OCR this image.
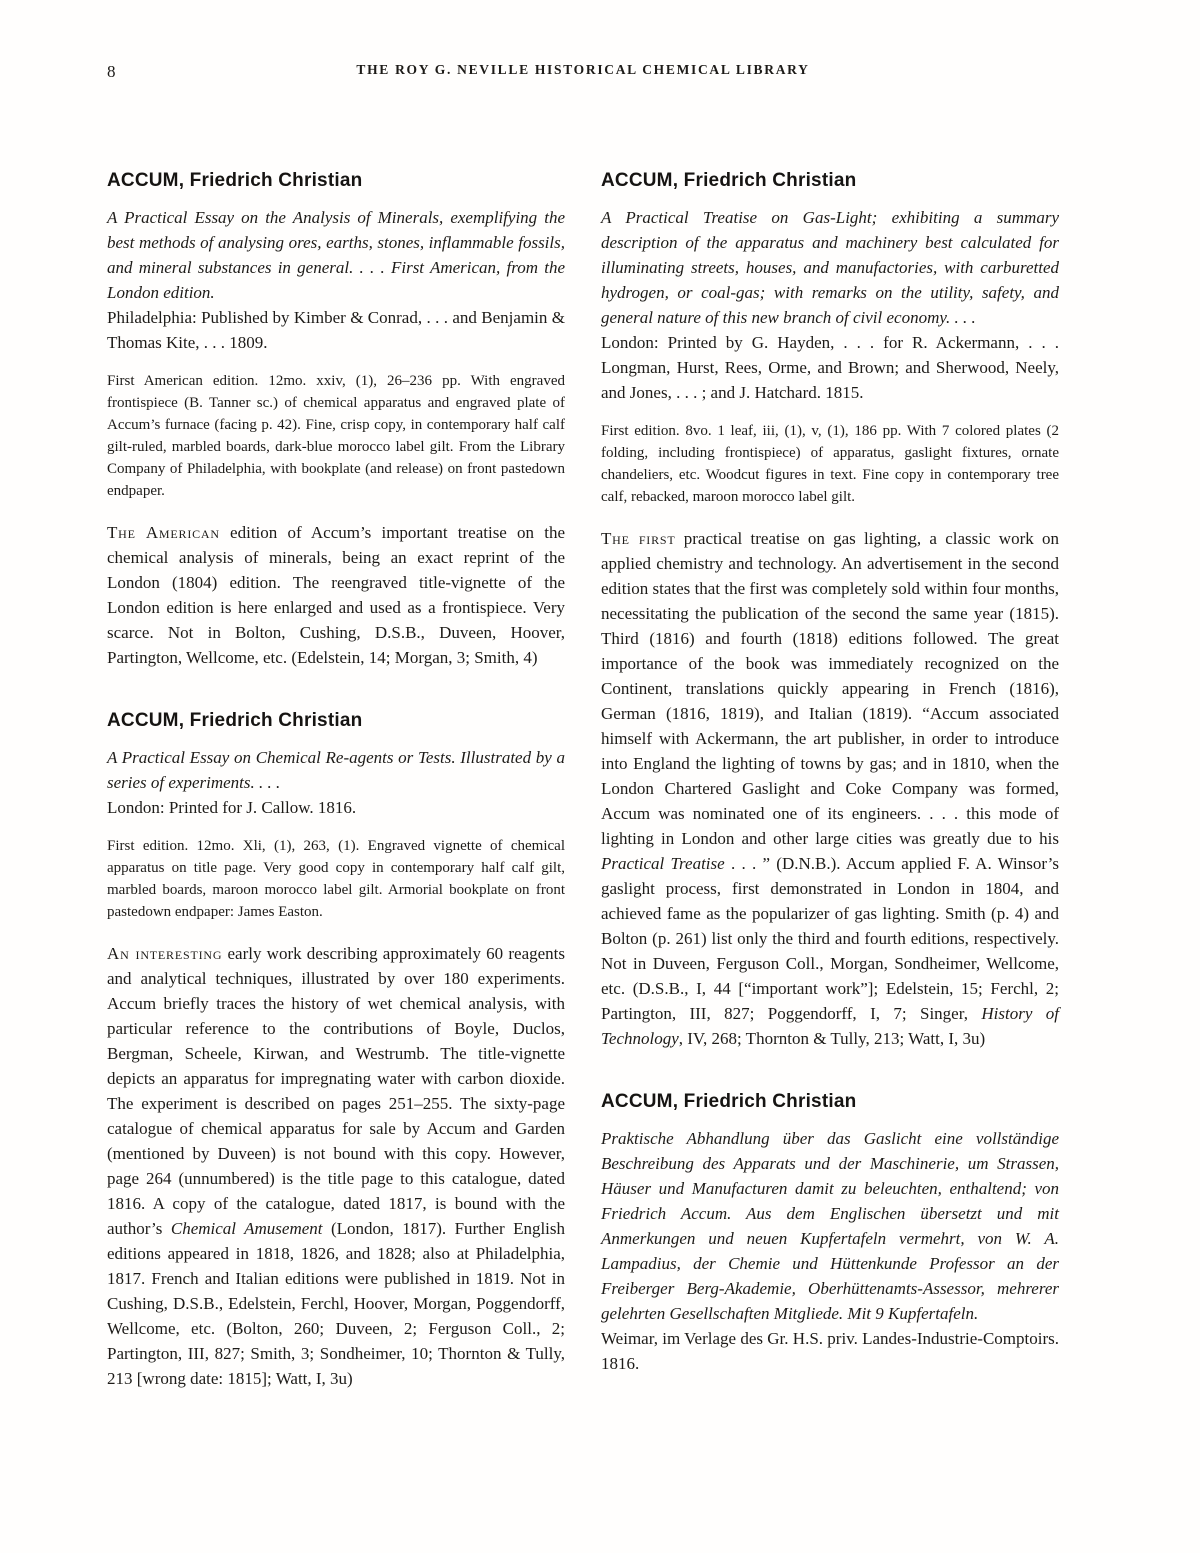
8	THE ROY G. NEVILLE HISTORICAL CHEMICAL LIBRARY
ACCUM, Friedrich Christian

A Practical Essay on the Analysis of Minerals, exemplifying the best methods of analysing ores, earths, stones, inflammable fossils, and mineral substances in general. . . . First American, from the London edition.

Philadelphia: Published by Kimber & Conrad, . . . and Benjamin & Thomas Kite, . . . 1809.

First American edition. 12mo. xxiv, (1), 26–236 pp. With engraved frontispiece (B. Tanner sc.) of chemical apparatus and engraved plate of Accum’s furnace (facing p. 42). Fine, crisp copy, in contemporary half calf gilt-ruled, marbled boards, dark-blue morocco label gilt. From the Library Company of Philadelphia, with bookplate (and release) on front pastedown endpaper.

The American edition of Accum’s important treatise on the chemical analysis of minerals, being an exact reprint of the London (1804) edition. The reengraved title-vignette of the London edition is here enlarged and used as a frontispiece. Very scarce. Not in Bolton, Cushing, D.S.B., Duveen, Hoover, Partington, Wellcome, etc. (Edelstein, 14; Morgan, 3; Smith, 4)

ACCUM, Friedrich Christian

A Practical Essay on Chemical Re-agents or Tests. Illustrated by a series of experiments. . . .

London: Printed for J. Callow. 1816.

First edition. 12mo. Xli, (1), 263, (1). Engraved vignette of chemical apparatus on title page. Very good copy in contemporary half calf gilt, marbled boards, maroon morocco label gilt. Armorial bookplate on front pastedown endpaper: James Easton.

An interesting early work describing approximately 60 reagents and analytical techniques, illustrated by over 180 experiments. Accum briefly traces the history of wet chemical analysis, with particular reference to the contributions of Boyle, Duclos, Bergman, Scheele, Kirwan, and Westrumb. The title-vignette depicts an apparatus for impregnating water with carbon dioxide. The experiment is described on pages 251–255. The sixty-page catalogue of chemical apparatus for sale by Accum and Garden (mentioned by Duveen) is not bound with this copy. However, page 264 (unnumbered) is the title page to this catalogue, dated 1816. A copy of the catalogue, dated 1817, is bound with the author’s Chemical Amusement (London, 1817). Further English editions appeared in 1818, 1826, and 1828; also at Philadelphia, 1817. French and Italian editions were published in 1819. Not in Cushing, D.S.B., Edelstein, Ferchl, Hoover, Morgan, Poggendorff, Wellcome, etc. (Bolton, 260; Duveen, 2; Ferguson Coll., 2; Partington, III, 827; Smith, 3; Sondheimer, 10; Thornton & Tully, 213 [wrong date: 1815]; Watt, I, 3u)

ACCUM, Friedrich Christian

A Practical Treatise on Gas-Light; exhibiting a summary description of the apparatus and machinery best calculated for illuminating streets, houses, and manufactories, with carburetted hydrogen, or coal-gas; with remarks on the utility, safety, and general nature of this new branch of civil economy. . . .

London: Printed by G. Hayden, . . . for R. Ackermann, . . . Longman, Hurst, Rees, Orme, and Brown; and Sherwood, Neely, and Jones, . . . ; and J. Hatchard. 1815.

First edition. 8vo. 1 leaf, iii, (1), v, (1), 186 pp. With 7 colored plates (2 folding, including frontispiece) of apparatus, gaslight fixtures, ornate chandeliers, etc. Woodcut figures in text. Fine copy in contemporary tree calf, rebacked, maroon morocco label gilt.

The first practical treatise on gas lighting, a classic work on applied chemistry and technology. An advertisement in the second edition states that the first was completely sold within four months, necessitating the publication of the second the same year (1815). Third (1816) and fourth (1818) editions followed. The great importance of the book was immediately recognized on the Continent, translations quickly appearing in French (1816), German (1816, 1819), and Italian (1819). “Accum associated himself with Ackermann, the art publisher, in order to introduce into England the lighting of towns by gas; and in 1810, when the London Chartered Gaslight and Coke Company was formed, Accum was nominated one of its engineers. . . . this mode of lighting in London and other large cities was greatly due to his Practical Treatise . . . ” (D.N.B.). Accum applied F. A. Winsor’s gaslight process, first demonstrated in London in 1804, and achieved fame as the popularizer of gas lighting. Smith (p. 4) and Bolton (p. 261) list only the third and fourth editions, respectively. Not in Duveen, Ferguson Coll., Morgan, Sondheimer, Wellcome, etc. (D.S.B., I, 44 [“important work”]; Edelstein, 15; Ferchl, 2; Partington, III, 827; Poggendorff, I, 7; Singer, History of Technology, IV, 268; Thornton & Tully, 213; Watt, I, 3u)

ACCUM, Friedrich Christian

Praktische Abhandlung über das Gaslicht eine vollständige Beschreibung des Apparats und der Maschinerie, um Strassen, Häuser und Manufacturen damit zu beleuchten, enthaltend; von Friedrich Accum. Aus dem Englischen übersetzt und mit Anmerkungen und neuen Kupfertafeln vermehrt, von W. A. Lampadius, der Chemie und Hüttenkunde Professor an der Freiberger Berg-Akademie, Oberhüttenamts-Assessor, mehrerer gelehrten Gesellschaften Mitgliede. Mit 9 Kupfertafeln.

Weimar, im Verlage des Gr. H.S. priv. Landes-Industrie-Comptoirs. 1816.
